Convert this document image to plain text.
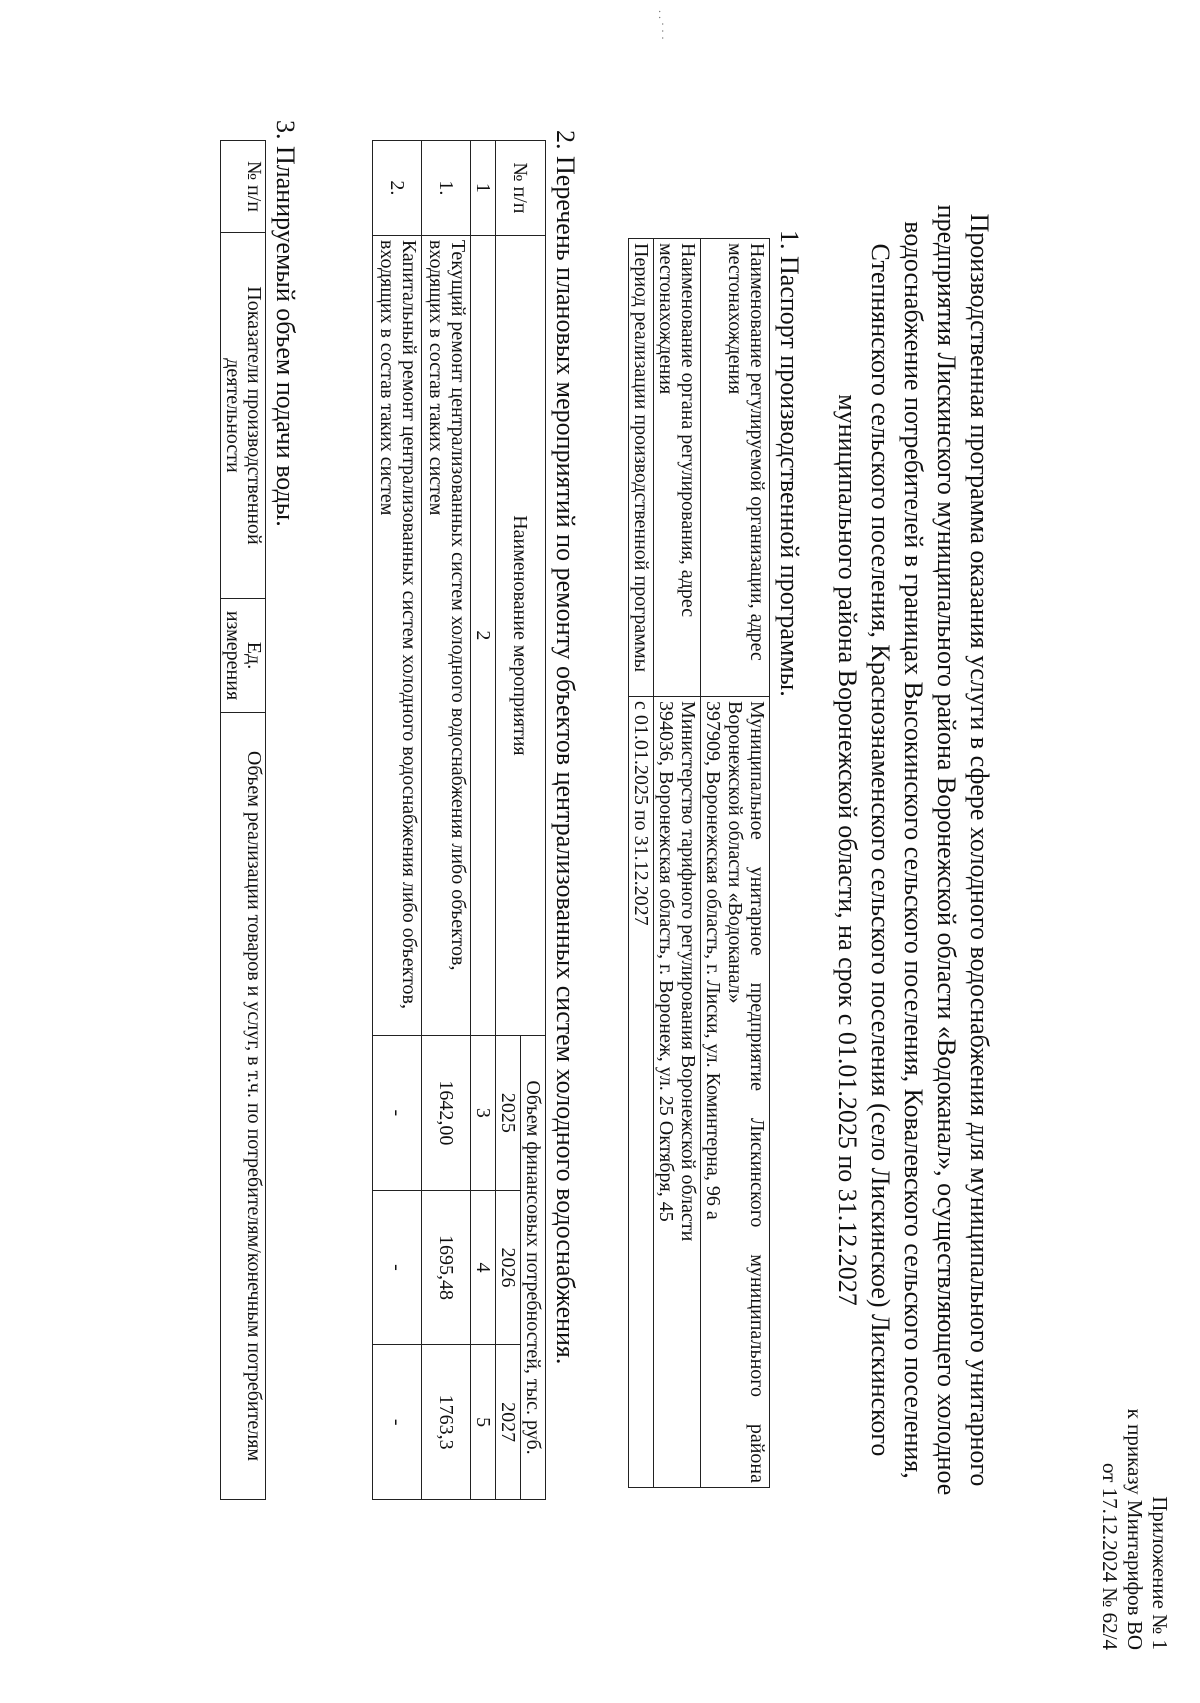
. . · · ·
Приложение № 1
к приказу Минтарифов ВО
от 17.12.2024 № 62/4
Производственная программа оказания услуги в сфере холодного водоснабжения для муниципального унитарного
предприятия Лискинского муниципального района Воронежской области «Водоканал», осуществляющего холодное
водоснабжение потребителей в границах Высокинского сельского поселения, Ковалевского сельского поселения,
Степнянского сельского поселения, Краснознаменского сельского поселения (село Лискинское) Лискинского
муниципального района Воронежской области, на срок с 01.01.2025 по 31.12.2027
1. Паспорт производственной программы.
Наименование регулируемой организации, адрес местонахождения	Муниципальное унитарное предприятие Лискинского муниципального района Воронежской области «Водоканал»
397909, Воронежская область, г. Лиски, ул. Коминтерна, 96 а

Наименование органа регулирования, адрес местонахождения	Министерство тарифного регулирования Воронежской области
394036, Воронежская область, г. Воронеж, ул. 25 Октября, 45

Период реализации производственной программы	с 01.01.2025 по 31.12.2027
2. Перечень плановых мероприятий по ремонту объектов централизованных систем холодного водоснабжения.
№ п/п	Наименование мероприятия	Объем финансовых потребностей, тыс. руб.		
		2025	2026	2027
1	2	3	4	5
1.	Текущий ремонт централизованных систем холодного водоснабжения либо объектов, входящих в состав таких систем	1642,00	1695,48	1763,3
2.	Капитальный ремонт централизованных систем холодного водоснабжения либо объектов, входящих в состав таких систем	-	-	-
3. Планируемый объем подачи воды.
№ п/п	Показатели производственной деятельности	Ед. измерения	Объем реализации товаров и услуг, в т.ч. по потребителям/конечным потребителям
